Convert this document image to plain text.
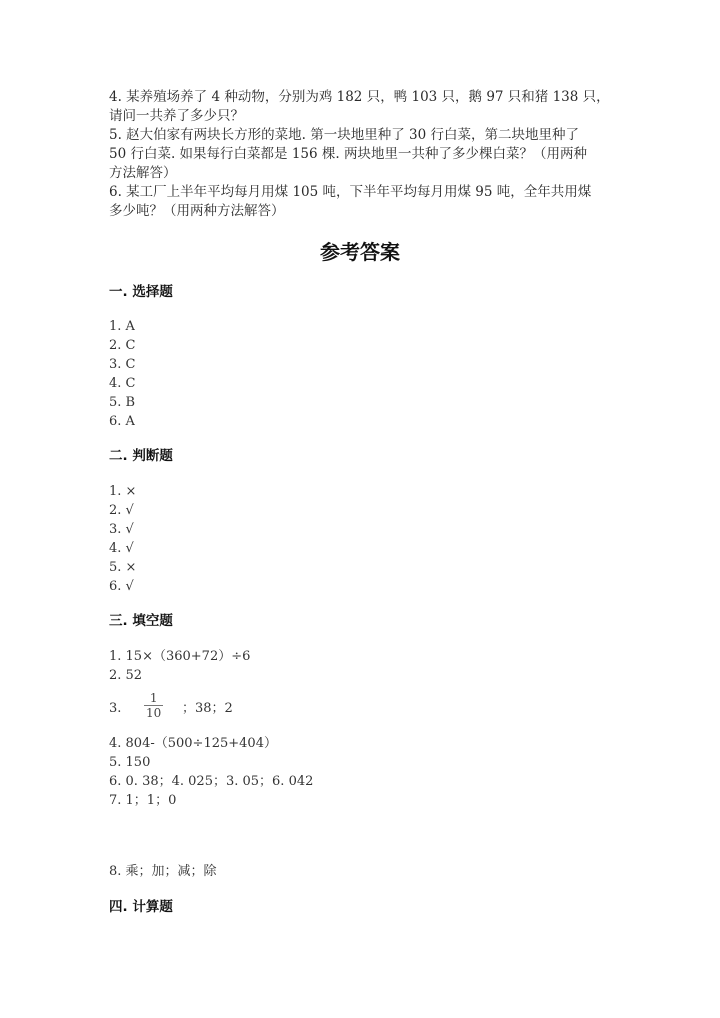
4. 某养殖场养了 4 种动物，分别为鸡 182 只，鸭 103 只，鹅 97 只和猪 138 只，
请问一共养了多少只？
5. 赵大伯家有两块长方形的菜地. 第一块地里种了 30 行白菜，第二块地里种了
50 行白菜. 如果每行白菜都是 156 棵. 两块地里一共种了多少棵白菜？（用两种
方法解答）
6. 某工厂上半年平均每月用煤 105 吨，下半年平均每月用煤 95 吨，全年共用煤
多少吨？（用两种方法解答）
参考答案
一. 选择题
1. A
2. C
3. C
4. C
5. B
6. A
二. 判断题
1. ×
2. √
3. √
4. √
5. ×
6. √
三. 填空题
1. 15×（360+72）÷6
2. 52
3. $\frac{1}{10}$ ；38；2
4. 804-（500÷125+404）
5. 150
6. 0. 38；4. 025；3. 05；6. 042
7. 1；1；0
8. 乘；加；减；除
四. 计算题
